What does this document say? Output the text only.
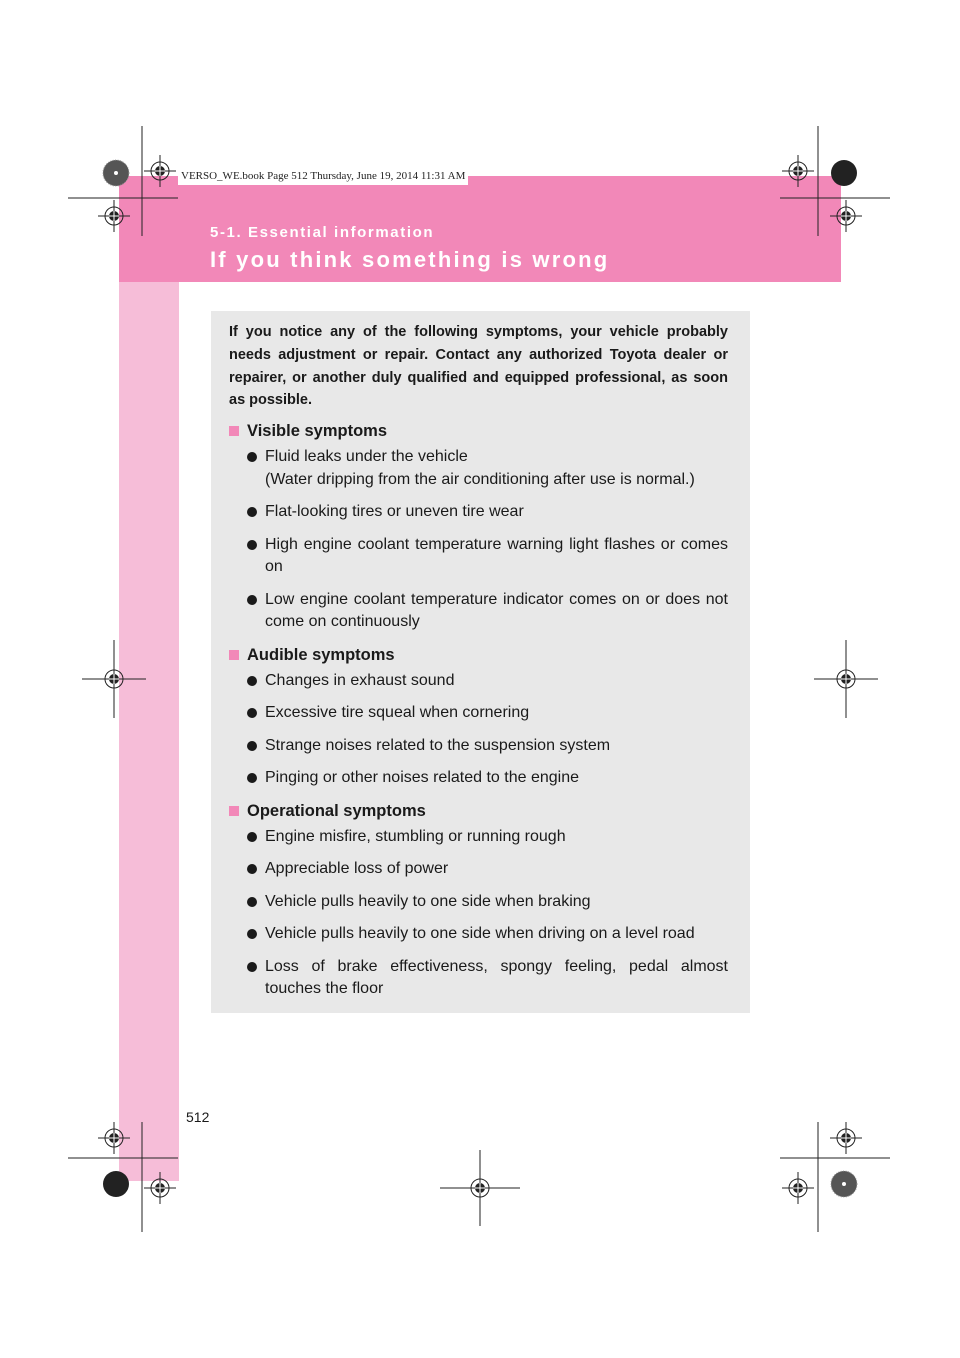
VERSO_WE.book Page 512 Thursday, June 19, 2014 11:31 AM
5-1. Essential information
If you think something is wrong

If you notice any of the following symptoms, your vehicle probably needs adjustment or repair. Contact any authorized Toyota dealer or repairer, or another duly qualified and equipped professional, as soon as possible.

Visible symptoms
Fluid leaks under the vehicle
(Water dripping from the air conditioning after use is normal.)
Flat-looking tires or uneven tire wear
High engine coolant temperature warning light flashes or comes on
Low engine coolant temperature indicator comes on or does not come on continuously
Audible symptoms
Changes in exhaust sound
Excessive tire squeal when cornering
Strange noises related to the suspension system
Pinging or other noises related to the engine
Operational symptoms
Engine misfire, stumbling or running rough
Appreciable loss of power
Vehicle pulls heavily to one side when braking
Vehicle pulls heavily to one side when driving on a level road
Loss of brake effectiveness, spongy feeling, pedal almost touches the floor
512
